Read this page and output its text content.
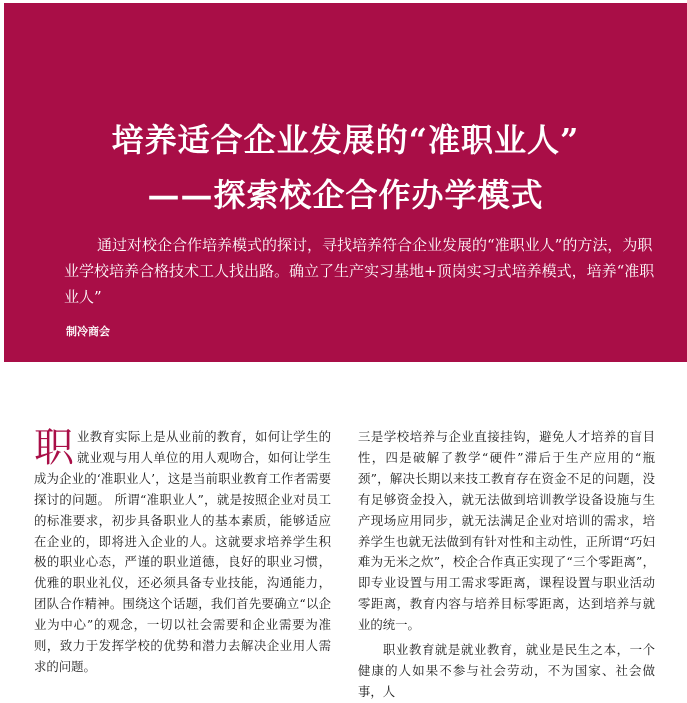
培养适合企业发展的“准职业人”
——探索校企合作办学模式
通过对校企合作培养模式的探讨，寻找培养符合企业发展的“准职业人”的方法，为职业学校培养合格技术工人找出路。确立了生产实习基地+顶岗实习式培养模式，培养“准职业人”
制冷商会
职 业教育实际上是从业前的教育，如何让学生的就业观与用人单位的用人观吻合，如何让学生成为企业的‘准职业人’，这是当前职业教育工作者需要探讨的问题。 所谓“准职业人”，就是按照企业对员工的标准要求，初步具备职业人的基本素质，能够适应在企业的，即将进入企业的人。这就要求培养学生积极的职业心态，严谨的职业道德，良好的职业习惯，优雅的职业礼仪，还必须具备专业技能，沟通能力，团队合作精神。围绕这个话题，我们首先要确立“以企业为中心”的观念，一切以社会需要和企业需要为准则，致力于发挥学校的优势和潜力去解决企业用人需求的问题。

三是学校培养与企业直接挂钩，避免人才培养的盲目性，四是破解了教学“硬件”滞后于生产应用的“瓶颈”，解决长期以来技工教育存在资金不足的问题，没有足够资金投入，就无法做到培训教学设备设施与生产现场应用同步，就无法满足企业对培训的需求，培养学生也就无法做到有针对性和主动性，正所谓“巧妇难为无米之炊”，校企合作真正实现了“三个零距离”，即专业设置与用工需求零距离，课程设置与职业活动零距离，教育内容与培养目标零距离，达到培养与就业的统一。

职业教育就是就业教育，就业是民生之本，一个健康的人如果不参与社会劳动，不为国家、社会做事，人
